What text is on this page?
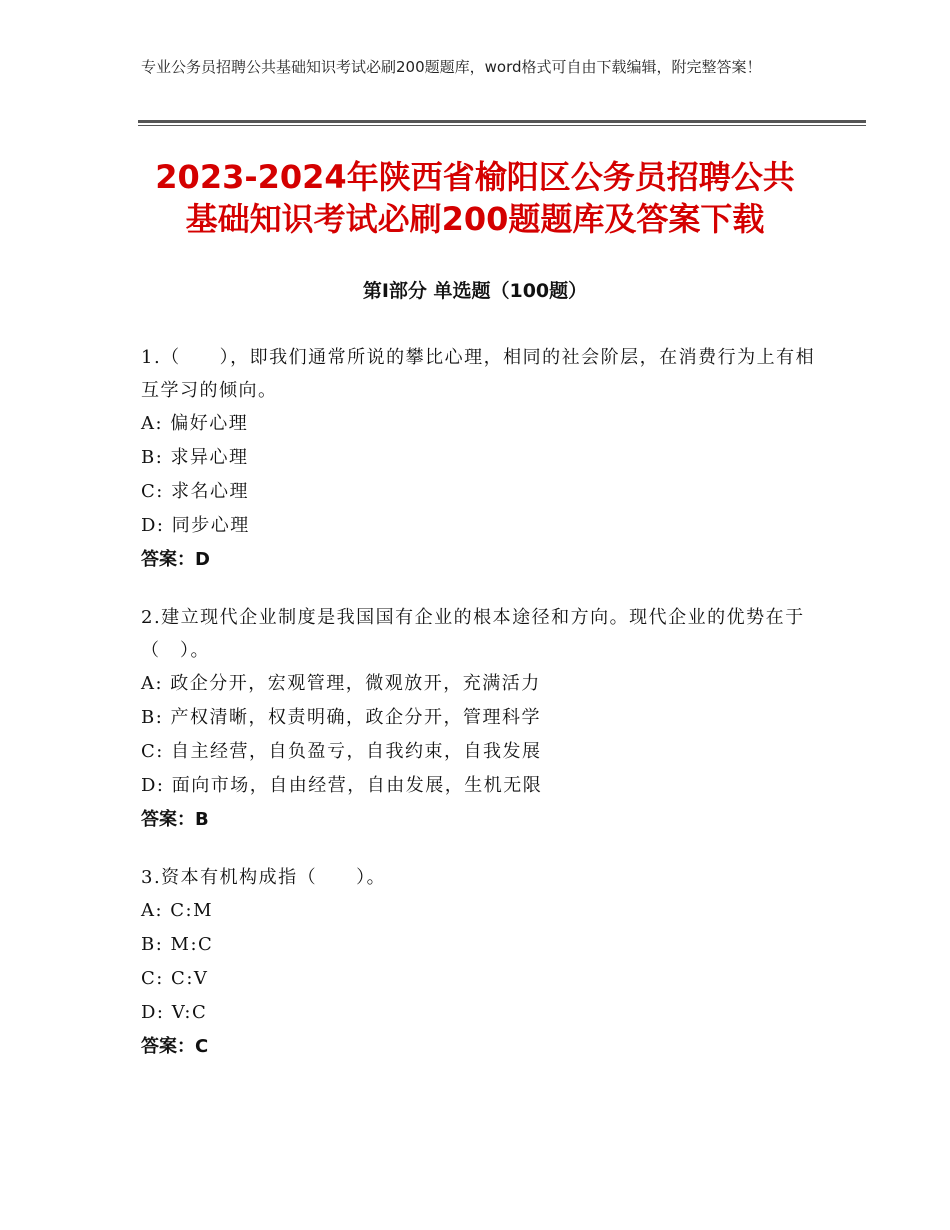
专业公务员招聘公共基础知识考试必刷200题题库，word格式可自由下载编辑，附完整答案！
2023-2024年陕西省榆阳区公务员招聘公共
基础知识考试必刷200题题库及答案下载
第Ⅰ部分 单选题（100题）
1.（　　），即我们通常所说的攀比心理，相同的社会阶层，在消费行为上有相互学习的倾向。
A: 偏好心理
B: 求异心理
C: 求名心理
D: 同步心理
答案：D
2.建立现代企业制度是我国国有企业的根本途径和方向。现代企业的优势在于（　）。
A: 政企分开，宏观管理，微观放开，充满活力
B: 产权清晰，权责明确，政企分开，管理科学
C: 自主经营，自负盈亏，自我约束，自我发展
D: 面向市场，自由经营，自由发展，生机无限
答案：B
3.资本有机构成指（　　）。
A: C:M
B: M:C
C: C:V
D: V:C
答案：C
